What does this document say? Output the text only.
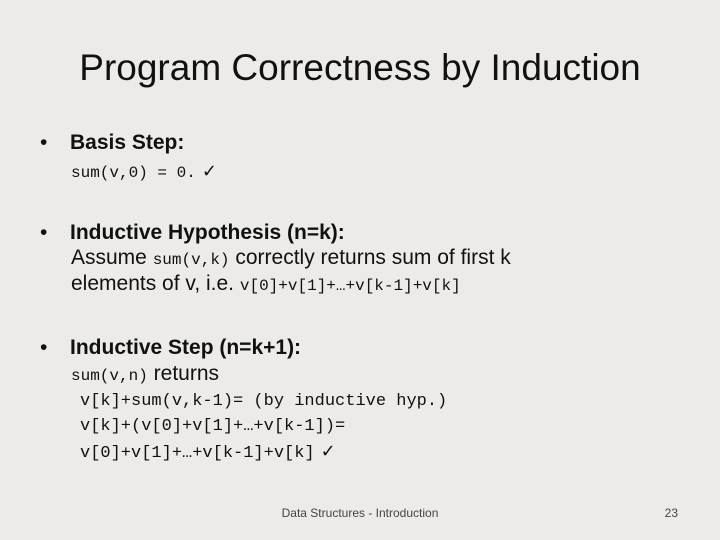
Program Correctness by Induction
• Basis Step:
sum(v,0) = 0. ✓
• Inductive Hypothesis (n=k):
Assume sum(v,k) correctly returns sum of first k
elements of v, i.e. v[0]+v[1]+…+v[k-1]+v[k]
• Inductive Step (n=k+1):
sum(v,n) returns
v[k]+sum(v,k-1)= (by inductive hyp.)
v[k]+(v[0]+v[1]+…+v[k-1])=
v[0]+v[1]+…+v[k-1]+v[k] ✓
Data Structures - Introduction	23
